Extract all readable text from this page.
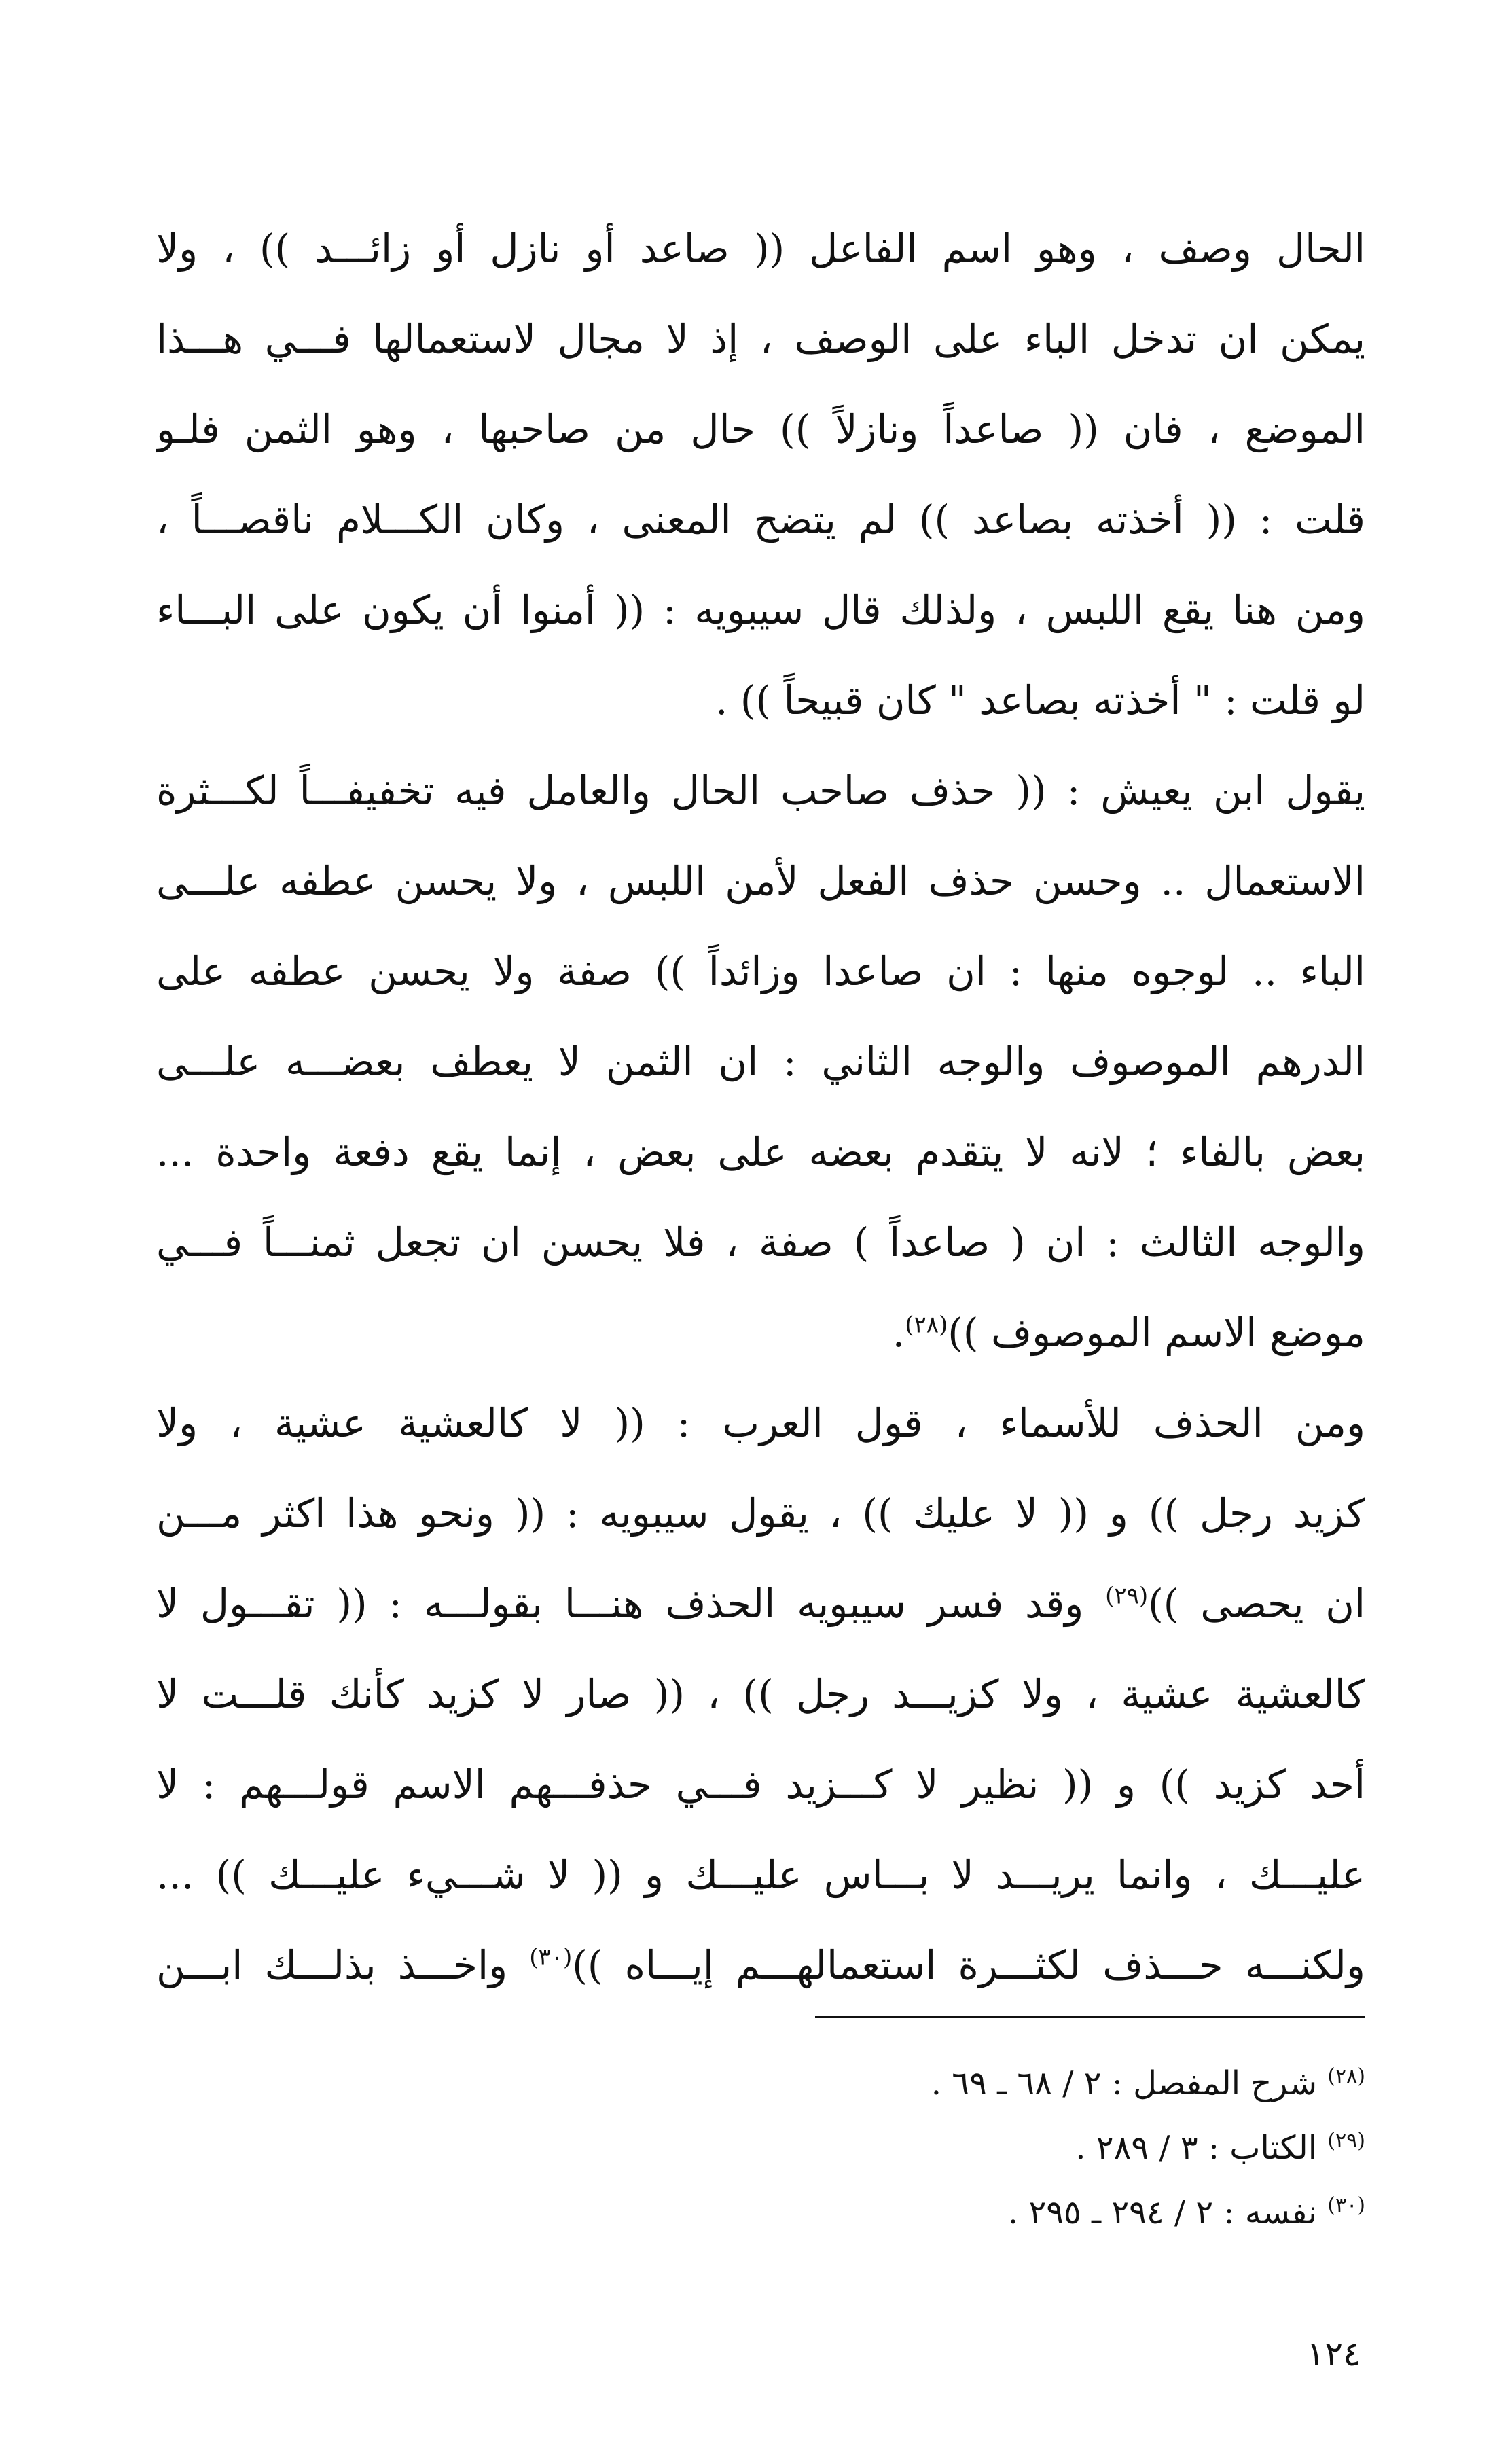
الحال وصف ، وهو اسم الفاعل (( صاعد أو نازل أو زائـــد )) ، ولا
يمكن ان تدخل الباء على الوصف ، إذ لا مجال لاستعمالها فـــي هـــذا
الموضع ، فان (( صاعداً ونازلاً )) حال من صاحبها ، وهو الثمن فلـو
قلت : (( أخذته بصاعد )) لم يتضح المعنى ، وكان الكـــلام ناقصـــاً ،
ومن هنا يقع اللبس ، ولذلك قال سيبويه : (( أمنوا أن يكون على البـــاء
لو قلت : " أخذته بصاعد " كان قبيحاً )) .
يقول ابن يعيش : (( حذف صاحب الحال والعامل فيه تخفيفـــاً لكـــثرة
الاستعمال .. وحسن حذف الفعل لأمن اللبس ، ولا يحسن عطفه علـــى
الباء .. لوجوه منها : ان صاعدا وزائداً )) صفة ولا يحسن عطفه على
الدرهم الموصوف والوجه الثاني : ان الثمن لا يعطف بعضـــه علـــى
بعض بالفاء ؛ لانه لا يتقدم بعضه على بعض ، إنما يقع دفعة واحدة ...
والوجه الثالث : ان ( صاعداً ) صفة ، فلا يحسن ان تجعل ثمنـــاً فـــي
موضع الاسم الموصوف ))$^{(٢٨)}$.
ومن الحذف للأسماء ، قول العرب : (( لا كالعشية عشية ، ولا
كزيد رجل )) و (( لا عليك )) ، يقول سيبويه : (( ونحو هذا اكثر مـــن
ان يحصى ))$^{(٢٩)}$ وقد فسر سيبويه الحذف هنـــا بقولـــه : (( تقـــول لا
كالعشية عشية ، ولا كزيـــد رجل )) ، (( صار لا كزيد كأنك قلـــت لا
أحد كزيد )) و (( نظير لا كـــزيد فـــي حذفـــهم الاسم قولـــهم : لا
عليـــك ، وانما يريـــد لا بـــاس عليـــك و (( لا شـــيء عليـــك )) ...
ولكنـــه حـــذف لكثـــرة استعمالهـــم إيـــاه ))$^{(٣٠)}$ واخـــذ بذلـــك ابـــن
$^{(٢٨)}$ شرح المفصل : ٢ / ٦٨ ـ ٦٩ .
$^{(٢٩)}$ الكتاب : ٣ / ٢٨٩ .
$^{(٣٠)}$ نفسه : ٢ / ٢٩٤ ـ ٢٩٥ .
١٢٤
